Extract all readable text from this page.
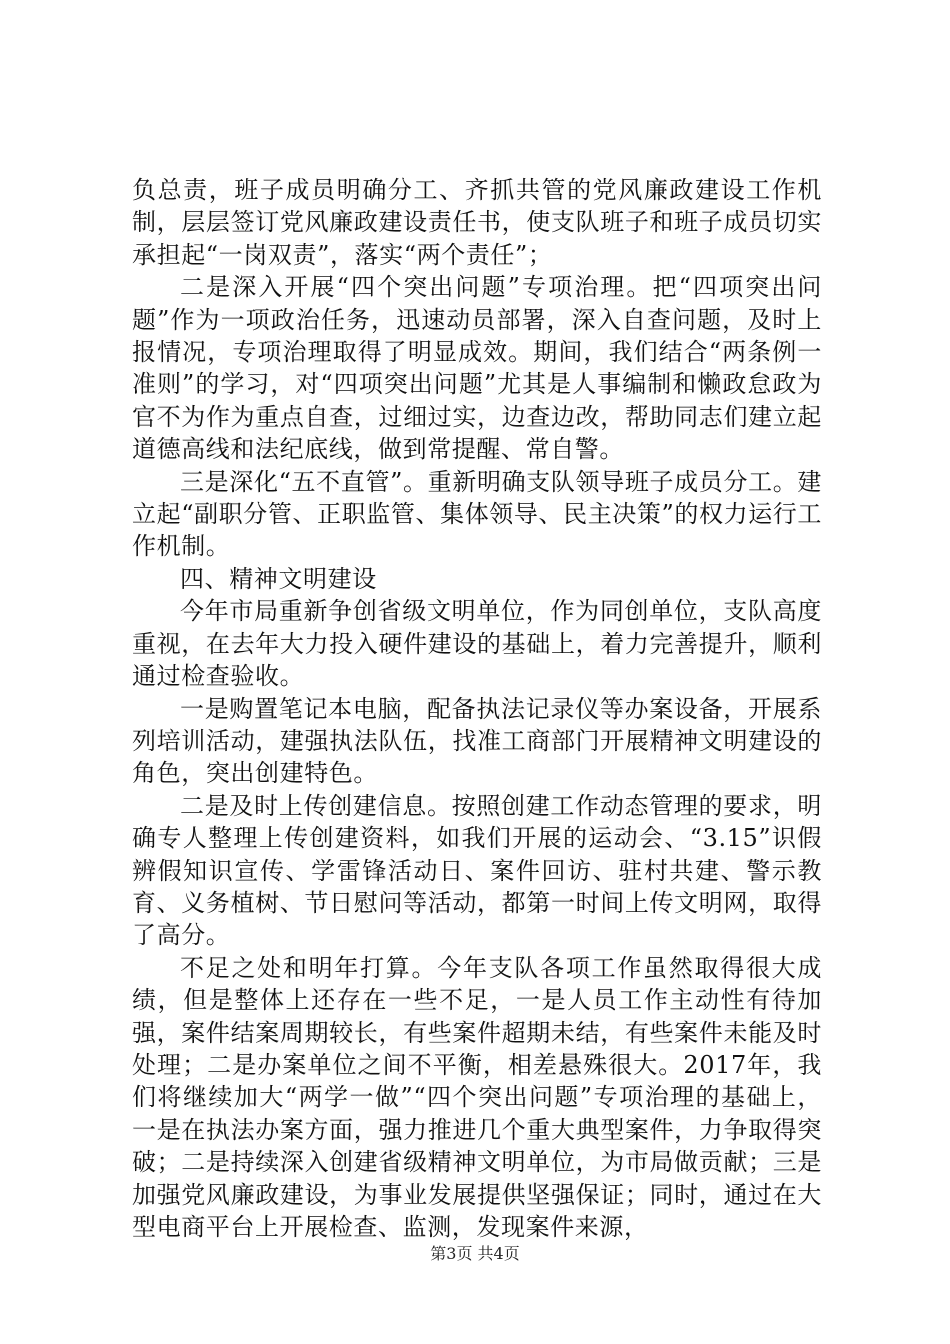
负总责，班子成员明确分工、齐抓共管的党风廉政建设工作机制，层层签订党风廉政建设责任书，使支队班子和班子成员切实承担起“一岗双责”，落实“两个责任”；

二是深入开展“四个突出问题”专项治理。把“四项突出问题”作为一项政治任务，迅速动员部署，深入自查问题，及时上报情况，专项治理取得了明显成效。期间，我们结合“两条例一准则”的学习，对“四项突出问题”尤其是人事编制和懒政怠政为官不为作为重点自查，过细过实，边查边改，帮助同志们建立起道德高线和法纪底线，做到常提醒、常自警。

三是深化“五不直管”。重新明确支队领导班子成员分工。建立起“副职分管、正职监管、集体领导、民主决策”的权力运行工作机制。

四、精神文明建设

今年市局重新争创省级文明单位，作为同创单位，支队高度重视，在去年大力投入硬件建设的基础上，着力完善提升，顺利通过检查验收。

一是购置笔记本电脑，配备执法记录仪等办案设备，开展系列培训活动，建强执法队伍，找准工商部门开展精神文明建设的角色，突出创建特色。

二是及时上传创建信息。按照创建工作动态管理的要求，明确专人整理上传创建资料，如我们开展的运动会、“3.15”识假辨假知识宣传、学雷锋活动日、案件回访、驻村共建、警示教育、义务植树、节日慰问等活动，都第一时间上传文明网，取得了高分。

不足之处和明年打算。今年支队各项工作虽然取得很大成绩，但是整体上还存在一些不足，一是人员工作主动性有待加强，案件结案周期较长，有些案件超期未结，有些案件未能及时处理；二是办案单位之间不平衡，相差悬殊很大。2017年，我们将继续加大“两学一做”“四个突出问题”专项治理的基础上，一是在执法办案方面，强力推进几个重大典型案件，力争取得突破；二是持续深入创建省级精神文明单位，为市局做贡献；三是加强党风廉政建设，为事业发展提供坚强保证；同时，通过在大型电商平台上开展检查、监测，发现案件来源，

第3页 共4页
